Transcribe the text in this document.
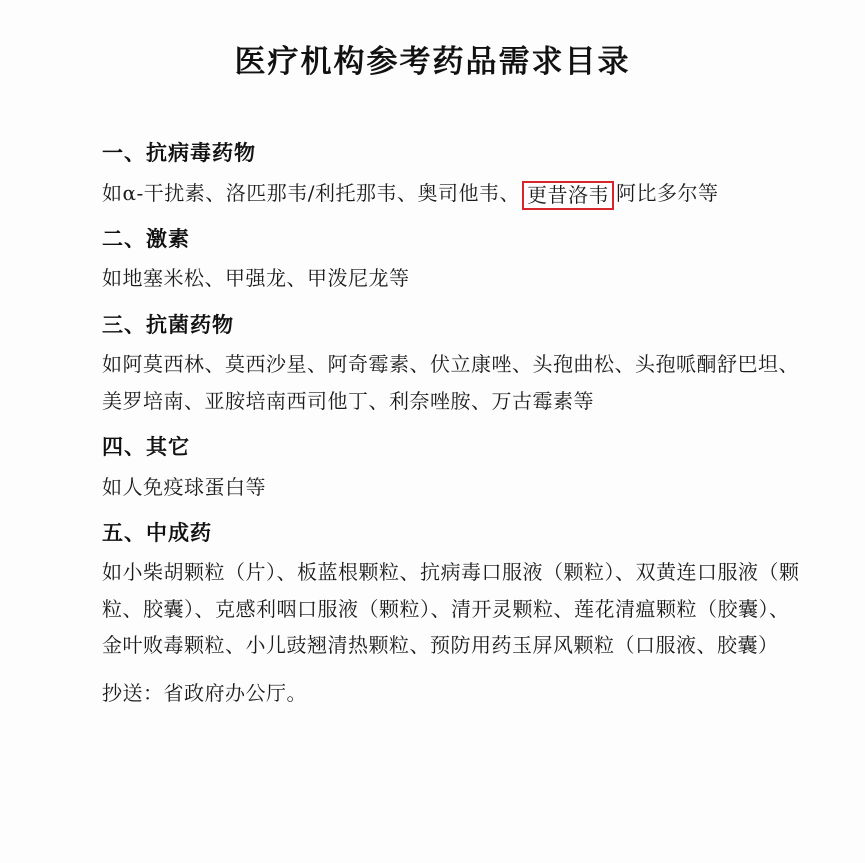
医疗机构参考药品需求目录
一、抗病毒药物
如α-干扰素、洛匹那韦/利托那韦、奥司他韦、 更昔洛韦 阿比多尔等
二、激素
如地塞米松、甲强龙、甲泼尼龙等
三、抗菌药物
如阿莫西林、莫西沙星、阿奇霉素、伏立康唑、头孢曲松、头孢哌酮舒巴坦、美罗培南、亚胺培南西司他丁、利奈唑胺、万古霉素等
四、其它
如人免疫球蛋白等
五、中成药
如小柴胡颗粒（片）、板蓝根颗粒、抗病毒口服液（颗粒）、双黄连口服液（颗粒、胶囊）、克感利咽口服液（颗粒）、清开灵颗粒、莲花清瘟颗粒（胶囊）、金叶败毒颗粒、小儿豉翘清热颗粒、预防用药玉屏风颗粒（口服液、胶囊）
抄送：省政府办公厅。
